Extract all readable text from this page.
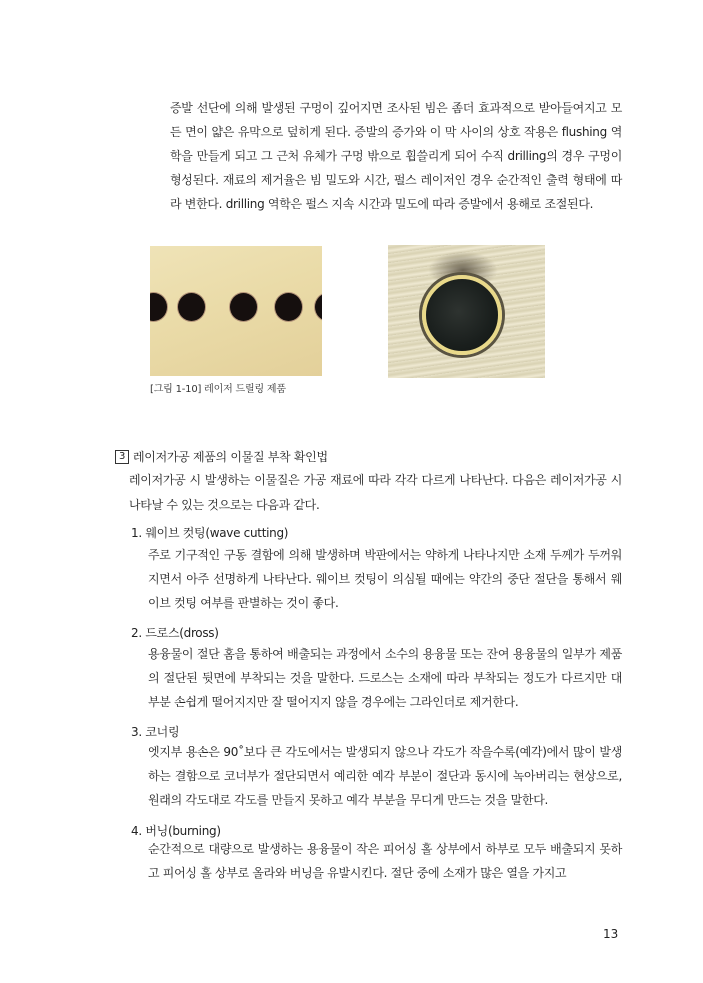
증발 선단에 의해 발생된 구멍이 깊어지면 조사된 빔은 좀더 효과적으로 받아들여지고 모든 면이 얇은 유막으로 덮히게 된다. 증발의 증가와 이 막 사이의 상호 작용은 flushing 역학을 만들게 되고 그 근처 유체가 구멍 밖으로 휩쓸리게 되어 수직 drilling의 경우 구멍이 형성된다. 재료의 제거율은 빔 밀도와 시간, 펄스 레이저인 경우 순간적인 출력 형태에 따라 변한다. drilling 역학은 펄스 지속 시간과 밀도에 따라 증발에서 용해로 조절된다.

[그림 1-10] 레이저 드릴링 제품
3 레이저가공 제품의 이물질 부착 확인법

레이저가공 시 발생하는 이물질은 가공 재료에 따라 각각 다르게 나타난다. 다음은 레이저가공 시 나타날 수 있는 것으로는 다음과 같다.

1. 웨이브 컷팅(wave cutting)

주로 기구적인 구동 결함에 의해 발생하며 박판에서는 약하게 나타나지만 소재 두께가 두꺼워지면서 아주 선명하게 나타난다. 웨이브 컷팅이 의심될 때에는 약간의 중단 절단을 통해서 웨이브 컷팅 여부를 판별하는 것이 좋다.

2. 드로스(dross)

용융물이 절단 홈을 통하여 배출되는 과정에서 소수의 용융물 또는 잔여 용융물의 일부가 제품의 절단된 뒷면에 부착되는 것을 말한다. 드로스는 소재에 따라 부착되는 정도가 다르지만 대부분 손쉽게 떨어지지만 잘 떨어지지 않을 경우에는 그라인더로 제거한다.

3. 코너링

엣지부 용손은 90˚보다 큰 각도에서는 발생되지 않으나 각도가 작을수록(예각)에서 많이 발생하는 결함으로 코너부가 절단되면서 예리한 예각 부분이 절단과 동시에 녹아버리는 현상으로, 원래의 각도대로 각도를 만들지 못하고 예각 부분을 무디게 만드는 것을 말한다.

4. 버닝(burning)

순간적으로 대량으로 발생하는 용융물이 작은 피어싱 홀 상부에서 하부로 모두 배출되지 못하고 피어싱 홀 상부로 올라와 버닝을 유발시킨다. 절단 중에 소재가 많은 열을 가지고

13
